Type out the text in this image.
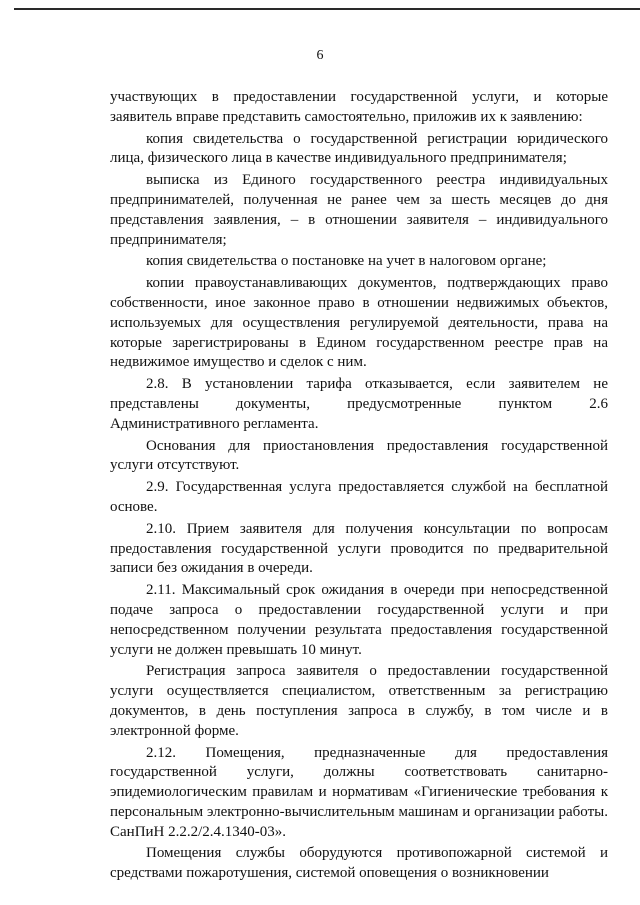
6

участвующих в предоставлении государственной услуги, и которые заявитель вправе представить самостоятельно, приложив их к заявлению:

копия свидетельства о государственной регистрации юридического лица, физического лица в качестве индивидуального предпринимателя;

выписка из Единого государственного реестра индивидуальных предпринимателей, полученная не ранее чем за шесть месяцев до дня представления заявления, – в отношении заявителя – индивидуального предпринимателя;

копия свидетельства о постановке на учет в налоговом органе;

копии правоустанавливающих документов, подтверждающих право собственности, иное законное право в отношении недвижимых объектов, используемых для осуществления регулируемой деятельности, права на которые зарегистрированы в Едином государственном реестре прав на недвижимое имущество и сделок с ним.

2.8. В установлении тарифа отказывается, если заявителем не представлены документы, предусмотренные пунктом 2.6 Административного регламента.

Основания для приостановления предоставления государственной услуги отсутствуют.

2.9. Государственная услуга предоставляется службой на бесплатной основе.

2.10. Прием заявителя для получения консультации по вопросам предоставления государственной услуги проводится по предварительной записи без ожидания в очереди.

2.11. Максимальный срок ожидания в очереди при непосредственной подаче запроса о предоставлении государственной услуги и при непосредственном получении результата предоставления государственной услуги не должен превышать 10 минут.

Регистрация запроса заявителя о предоставлении государственной услуги осуществляется специалистом, ответственным за регистрацию документов, в день поступления запроса в службу, в том числе и в электронной форме.

2.12. Помещения, предназначенные для предоставления государственной услуги, должны соответствовать санитарно-эпидемиологическим правилам и нормативам «Гигиенические требования к персональным электронно-вычислительным машинам и организации работы. СанПиН 2.2.2/2.4.1340-03».

Помещения службы оборудуются противопожарной системой и средствами пожаротушения, системой оповещения о возникновении
